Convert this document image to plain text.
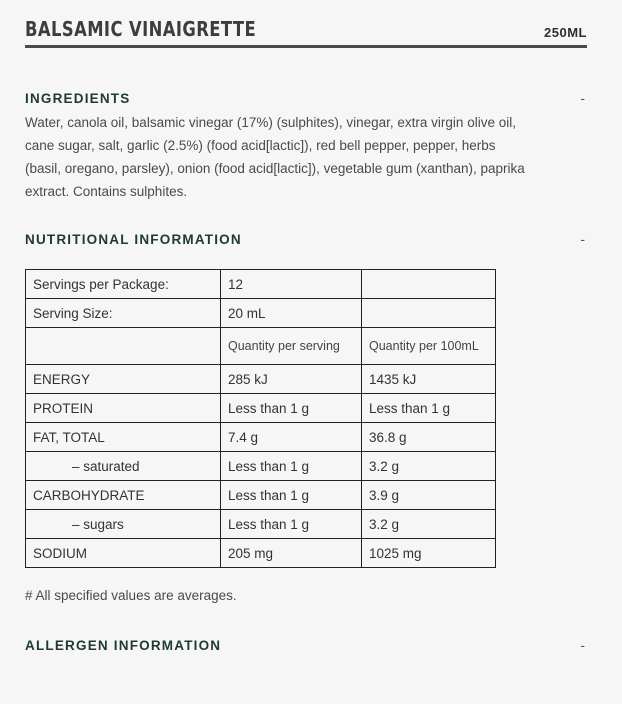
BALSAMIC VINAIGRETTE	250ML
INGREDIENTS	-
Water, canola oil, balsamic vinegar (17%) (sulphites), vinegar, extra virgin olive oil, cane sugar, salt, garlic (2.5%) (food acid[lactic]), red bell pepper, pepper, herbs (basil, oregano, parsley), onion (food acid[lactic]), vegetable gum (xanthan), paprika extract. Contains sulphites.
NUTRITIONAL INFORMATION	-
Servings per Package:	12	
Serving Size:	20 mL	
	Quantity per serving	Quantity per 100mL
ENERGY	285 kJ	1435 kJ
PROTEIN	Less than 1 g	Less than 1 g
FAT, TOTAL	7.4 g	36.8 g
– saturated	Less than 1 g	3.2 g
CARBOHYDRATE	Less than 1 g	3.9 g
– sugars	Less than 1 g	3.2 g
SODIUM	205 mg	1025 mg
# All specified values are averages.
ALLERGEN INFORMATION	-
